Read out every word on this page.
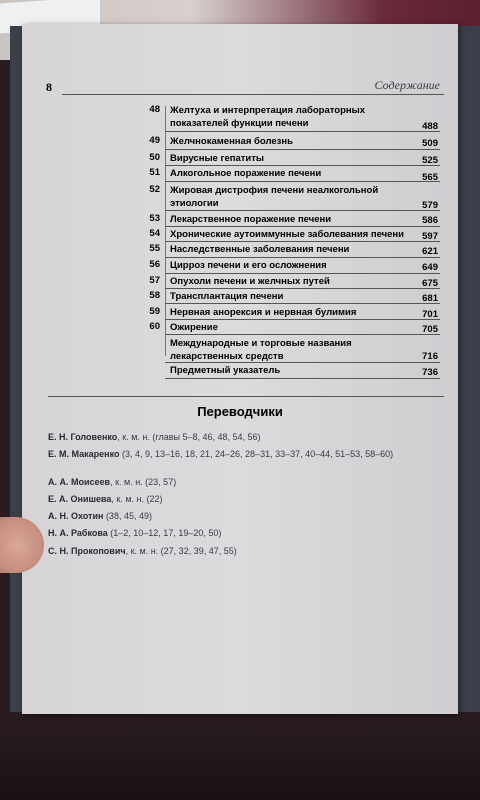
8	Содержание
48 Желтуха и интерпретация лабораторных показателей функции печени	488
49 Желчнокаменная болезнь	509
50 Вирусные гепатиты	525
51 Алкогольное поражение печени	565
52 Жировая дистрофия печени неалкогольной этиологии	579
53 Лекарственное поражение печени	586
54 Хронические аутоиммунные заболевания печени	597
55 Наследственные заболевания печени	621
56 Цирроз печени и его осложнения	649
57 Опухоли печени и желчных путей	675
58 Трансплантация печени	681
59 Нервная анорексия и нервная булимия	701
60 Ожирение	705
Международные и торговые названия лекарственных средств	716
Предметный указатель	736
Переводчики
Е. Н. Головенко, к. м. н. (главы 5–8, 46, 48, 54, 56)
Е. М. Макаренко (3, 4, 9, 13–16, 18, 21, 24–26, 28–31, 33–37, 40–44, 51–53, 58–60)
А. А. Моисеев, к. м. н. (23, 57)
Е. А. Онишева, к. м. н. (22)
А. Н. Охотин (38, 45, 49)
Н. А. Рабкова (1–2, 10–12, 17, 19–20, 50)
С. Н. Прокопович, к. м. н. (27, 32, 39, 47, 55)
